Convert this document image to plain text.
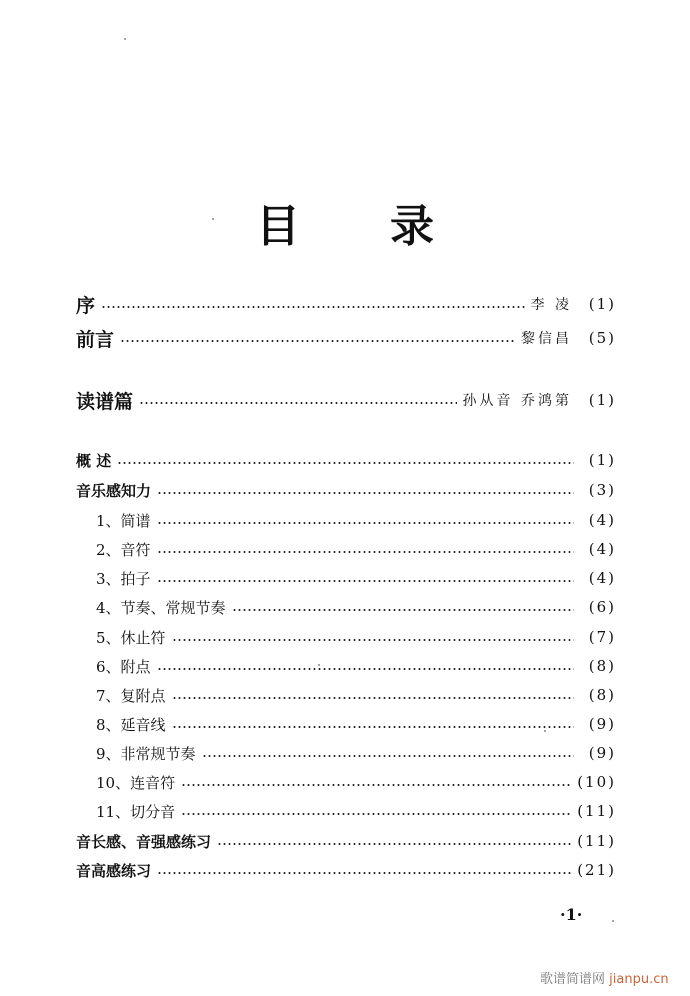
目 录
序	李 凌	(1)
前言	黎信昌	(5)
读谱篇	孙从音 乔鸿第	(1)
概 述	(1)
音乐感知力	(3)
1、简谱	(4)
2、音符	(4)
3、拍子	(4)
4、节奏、常规节奏	(6)
5、休止符	(7)
6、附点	(8)
7、复附点	(8)
8、延音线	(9)
9、非常规节奏	(9)
10、连音符	(10)
11、切分音	(11)
音长感、音强感练习	(11)
音高感练习	(21)
·1·
歌谱简谱网 jianpu.cn
